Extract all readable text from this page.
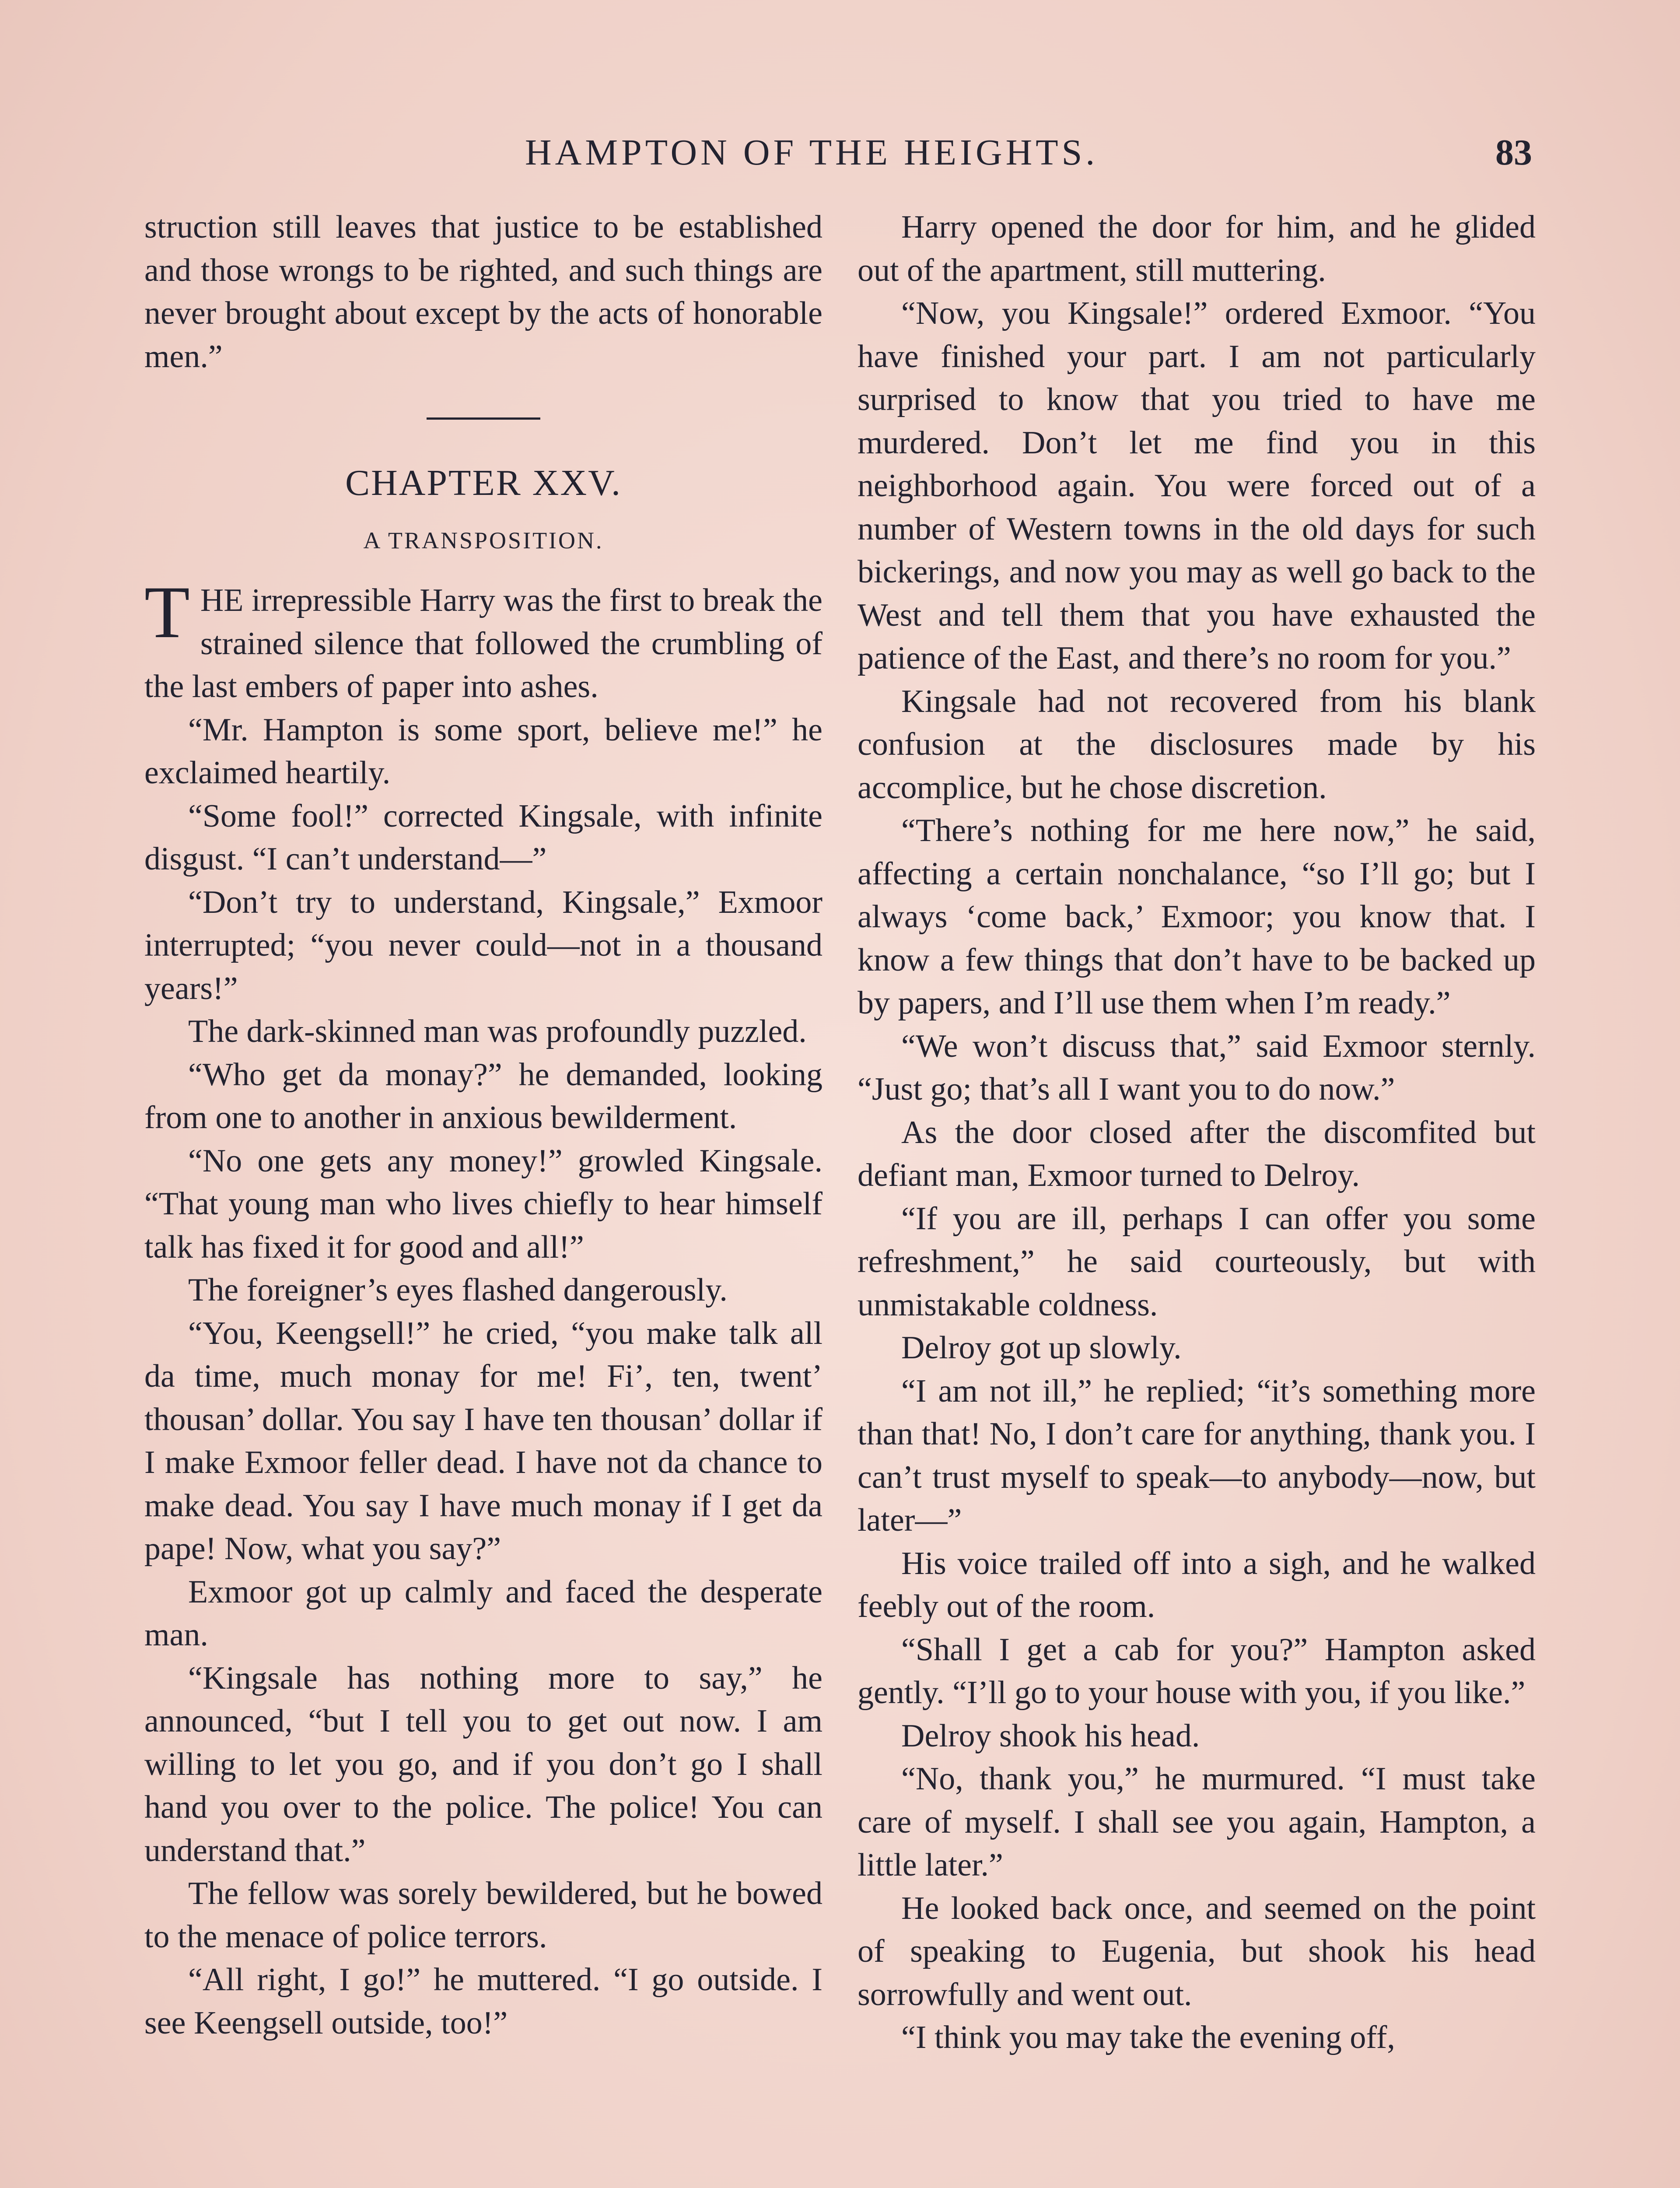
HAMPTON OF THE HEIGHTS.	83

struction still leaves that justice to be established and those wrongs to be righted, and such things are never brought about except by the acts of honorable men.”

CHAPTER XXV.
A TRANSPOSITION.

THE irrepressible Harry was the first to break the strained silence that followed the crumbling of the last embers of paper into ashes.

“Mr. Hampton is some sport, believe me!” he exclaimed heartily.

“Some fool!” corrected Kingsale, with infinite disgust. “I can’t understand—”

“Don’t try to understand, Kingsale,” Exmoor interrupted; “you never could—not in a thousand years!”

The dark-skinned man was profoundly puzzled.

“Who get da monay?” he demanded, looking from one to another in anxious bewilderment.

“No one gets any money!” growled Kingsale. “That young man who lives chiefly to hear himself talk has fixed it for good and all!”

The foreigner’s eyes flashed dangerously.

“You, Keengsell!” he cried, “you make talk all da time, much monay for me! Fi’, ten, twent’ thousan’ dollar. You say I have ten thousan’ dollar if I make Exmoor feller dead. I have not da chance to make dead. You say I have much monay if I get da pape! Now, what you say?”

Exmoor got up calmly and faced the desperate man.

“Kingsale has nothing more to say,” he announced, “but I tell you to get out now. I am willing to let you go, and if you don’t go I shall hand you over to the police. The police! You can understand that.”

The fellow was sorely bewildered, but he bowed to the menace of police terrors.

“All right, I go!” he muttered. “I go outside. I see Keengsell outside, too!”

Harry opened the door for him, and he glided out of the apartment, still muttering.

“Now, you Kingsale!” ordered Exmoor. “You have finished your part. I am not particularly surprised to know that you tried to have me murdered. Don’t let me find you in this neighborhood again. You were forced out of a number of Western towns in the old days for such bickerings, and now you may as well go back to the West and tell them that you have exhausted the patience of the East, and there’s no room for you.”

Kingsale had not recovered from his blank confusion at the disclosures made by his accomplice, but he chose discretion.

“There’s nothing for me here now,” he said, affecting a certain nonchalance, “so I’ll go; but I always ‘come back,’ Exmoor; you know that. I know a few things that don’t have to be backed up by papers, and I’ll use them when I’m ready.”

“We won’t discuss that,” said Exmoor sternly. “Just go; that’s all I want you to do now.”

As the door closed after the discomfited but defiant man, Exmoor turned to Delroy.

“If you are ill, perhaps I can offer you some refreshment,” he said courteously, but with unmistakable coldness.

Delroy got up slowly.

“I am not ill,” he replied; “it’s something more than that! No, I don’t care for anything, thank you. I can’t trust myself to speak—to anybody—now, but later—”

His voice trailed off into a sigh, and he walked feebly out of the room.

“Shall I get a cab for you?” Hampton asked gently. “I’ll go to your house with you, if you like.”

Delroy shook his head.

“No, thank you,” he murmured. “I must take care of myself. I shall see you again, Hampton, a little later.”

He looked back once, and seemed on the point of speaking to Eugenia, but shook his head sorrowfully and went out.

“I think you may take the evening off,
